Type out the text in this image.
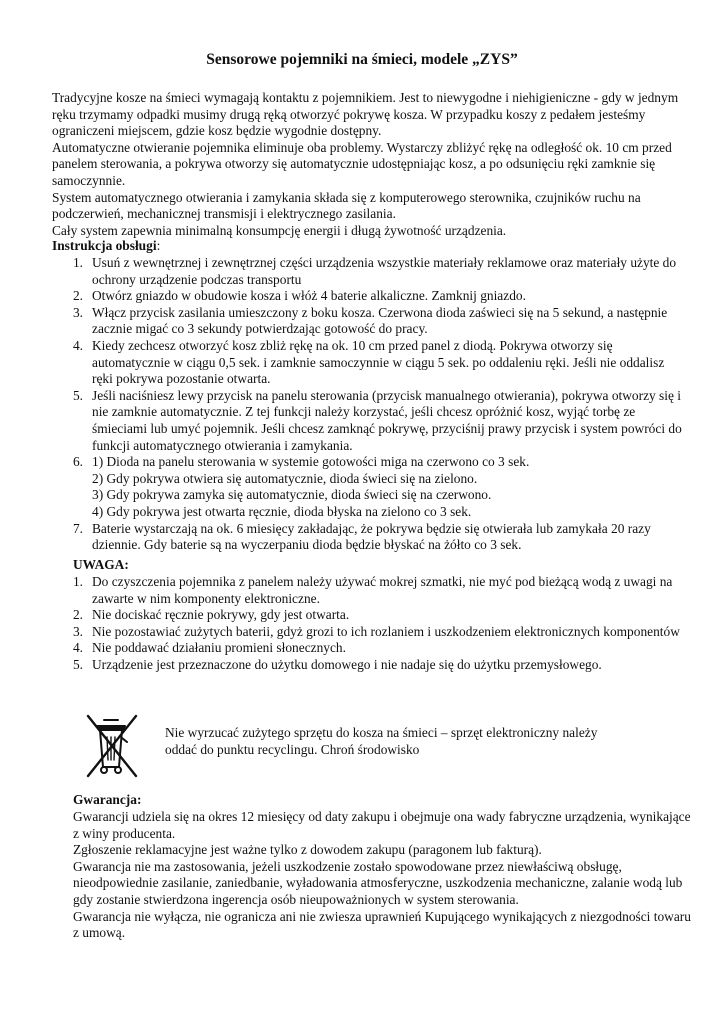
Sensorowe pojemniki na śmieci, modele „ZYS”

Tradycyjne kosze na śmieci wymagają kontaktu z pojemnikiem. Jest to niewygodne i niehigieniczne - gdy w jednym ręku trzymamy odpadki musimy drugą ręką otworzyć pokrywę kosza. W przypadku koszy z pedałem jesteśmy ograniczeni miejscem, gdzie kosz będzie wygodnie dostępny.

Automatyczne otwieranie pojemnika eliminuje oba problemy. Wystarczy zbliżyć rękę na odległość ok. 10 cm przed panelem sterowania, a pokrywa otworzy się automatycznie udostępniając kosz, a po odsunięciu ręki zamknie się samoczynnie.

System automatycznego otwierania i zamykania składa się z komputerowego sterownika, czujników ruchu na podczerwień, mechanicznej transmisji i elektrycznego zasilania.

Cały system zapewnia minimalną konsumpcję energii i długą żywotność urządzenia.

Instrukcja obsługi:
1. Usuń z wewnętrznej i zewnętrznej części urządzenia wszystkie materiały reklamowe oraz materiały użyte do ochrony urządzenie podczas transportu
2. Otwórz gniazdo w obudowie kosza i włóż 4 baterie alkaliczne. Zamknij gniazdo.
3. Włącz przycisk zasilania umieszczony z boku kosza. Czerwona dioda zaświeci się na 5 sekund, a następnie zacznie migać co 3 sekundy potwierdzając gotowość do pracy.
4. Kiedy zechcesz otworzyć kosz zbliż rękę na ok. 10 cm przed panel z diodą. Pokrywa otworzy się automatycznie w ciągu 0,5 sek. i zamknie samoczynnie w ciągu 5 sek. po oddaleniu ręki. Jeśli nie oddalisz ręki pokrywa pozostanie otwarta.
5. Jeśli naciśniesz lewy przycisk na panelu sterowania (przycisk manualnego otwierania), pokrywa otworzy się i nie zamknie automatycznie. Z tej funkcji należy korzystać, jeśli chcesz opróżnić kosz, wyjąć torbę ze śmieciami lub umyć pojemnik. Jeśli chcesz zamknąć pokrywę, przyciśnij prawy przycisk i system powróci do funkcji automatycznego otwierania i zamykania.
6. 1) Dioda na panelu sterowania w systemie gotowości miga na czerwono co 3 sek.
2) Gdy pokrywa otwiera się automatycznie, dioda świeci się na zielono.
3) Gdy pokrywa zamyka się automatycznie, dioda świeci się na czerwono.
4) Gdy pokrywa jest otwarta ręcznie, dioda błyska na zielono co 3 sek.
7. Baterie wystarczają na ok. 6 miesięcy zakładając, że pokrywa będzie się otwierała lub zamykała 20 razy dziennie. Gdy baterie są na wyczerpaniu dioda będzie błyskać na żółto co 3 sek.
UWAGA:
1. Do czyszczenia pojemnika z panelem należy używać mokrej szmatki, nie myć pod bieżącą wodą z uwagi na zawarte w nim komponenty elektroniczne.
2. Nie dociskać ręcznie pokrywy, gdy jest otwarta.
3. Nie pozostawiać zużytych baterii, gdyż grozi to ich rozlaniem i uszkodzeniem elektronicznych komponentów
4. Nie poddawać działaniu promieni słonecznych.
5. Urządzenie jest przeznaczone do użytku domowego i nie nadaje się do użytku przemysłowego.
Nie wyrzucać zużytego sprzętu do kosza na śmieci – sprzęt elektroniczny należy
oddać do punktu recyclingu. Chroń środowisko
Gwarancja:

Gwarancji udziela się na okres 12 miesięcy od daty zakupu i obejmuje ona wady fabryczne urządzenia, wynikające z winy producenta.

Zgłoszenie reklamacyjne jest ważne tylko z dowodem zakupu (paragonem lub fakturą).

Gwarancja nie ma zastosowania, jeżeli uszkodzenie zostało spowodowane przez niewłaściwą obsługę, nieodpowiednie zasilanie, zaniedbanie, wyładowania atmosferyczne, uszkodzenia mechaniczne, zalanie wodą lub gdy zostanie stwierdzona ingerencja osób nieupoważnionych w system sterowania.

Gwarancja nie wyłącza, nie ogranicza ani nie zwiesza uprawnień Kupującego wynikających z niezgodności towaru z umową.
